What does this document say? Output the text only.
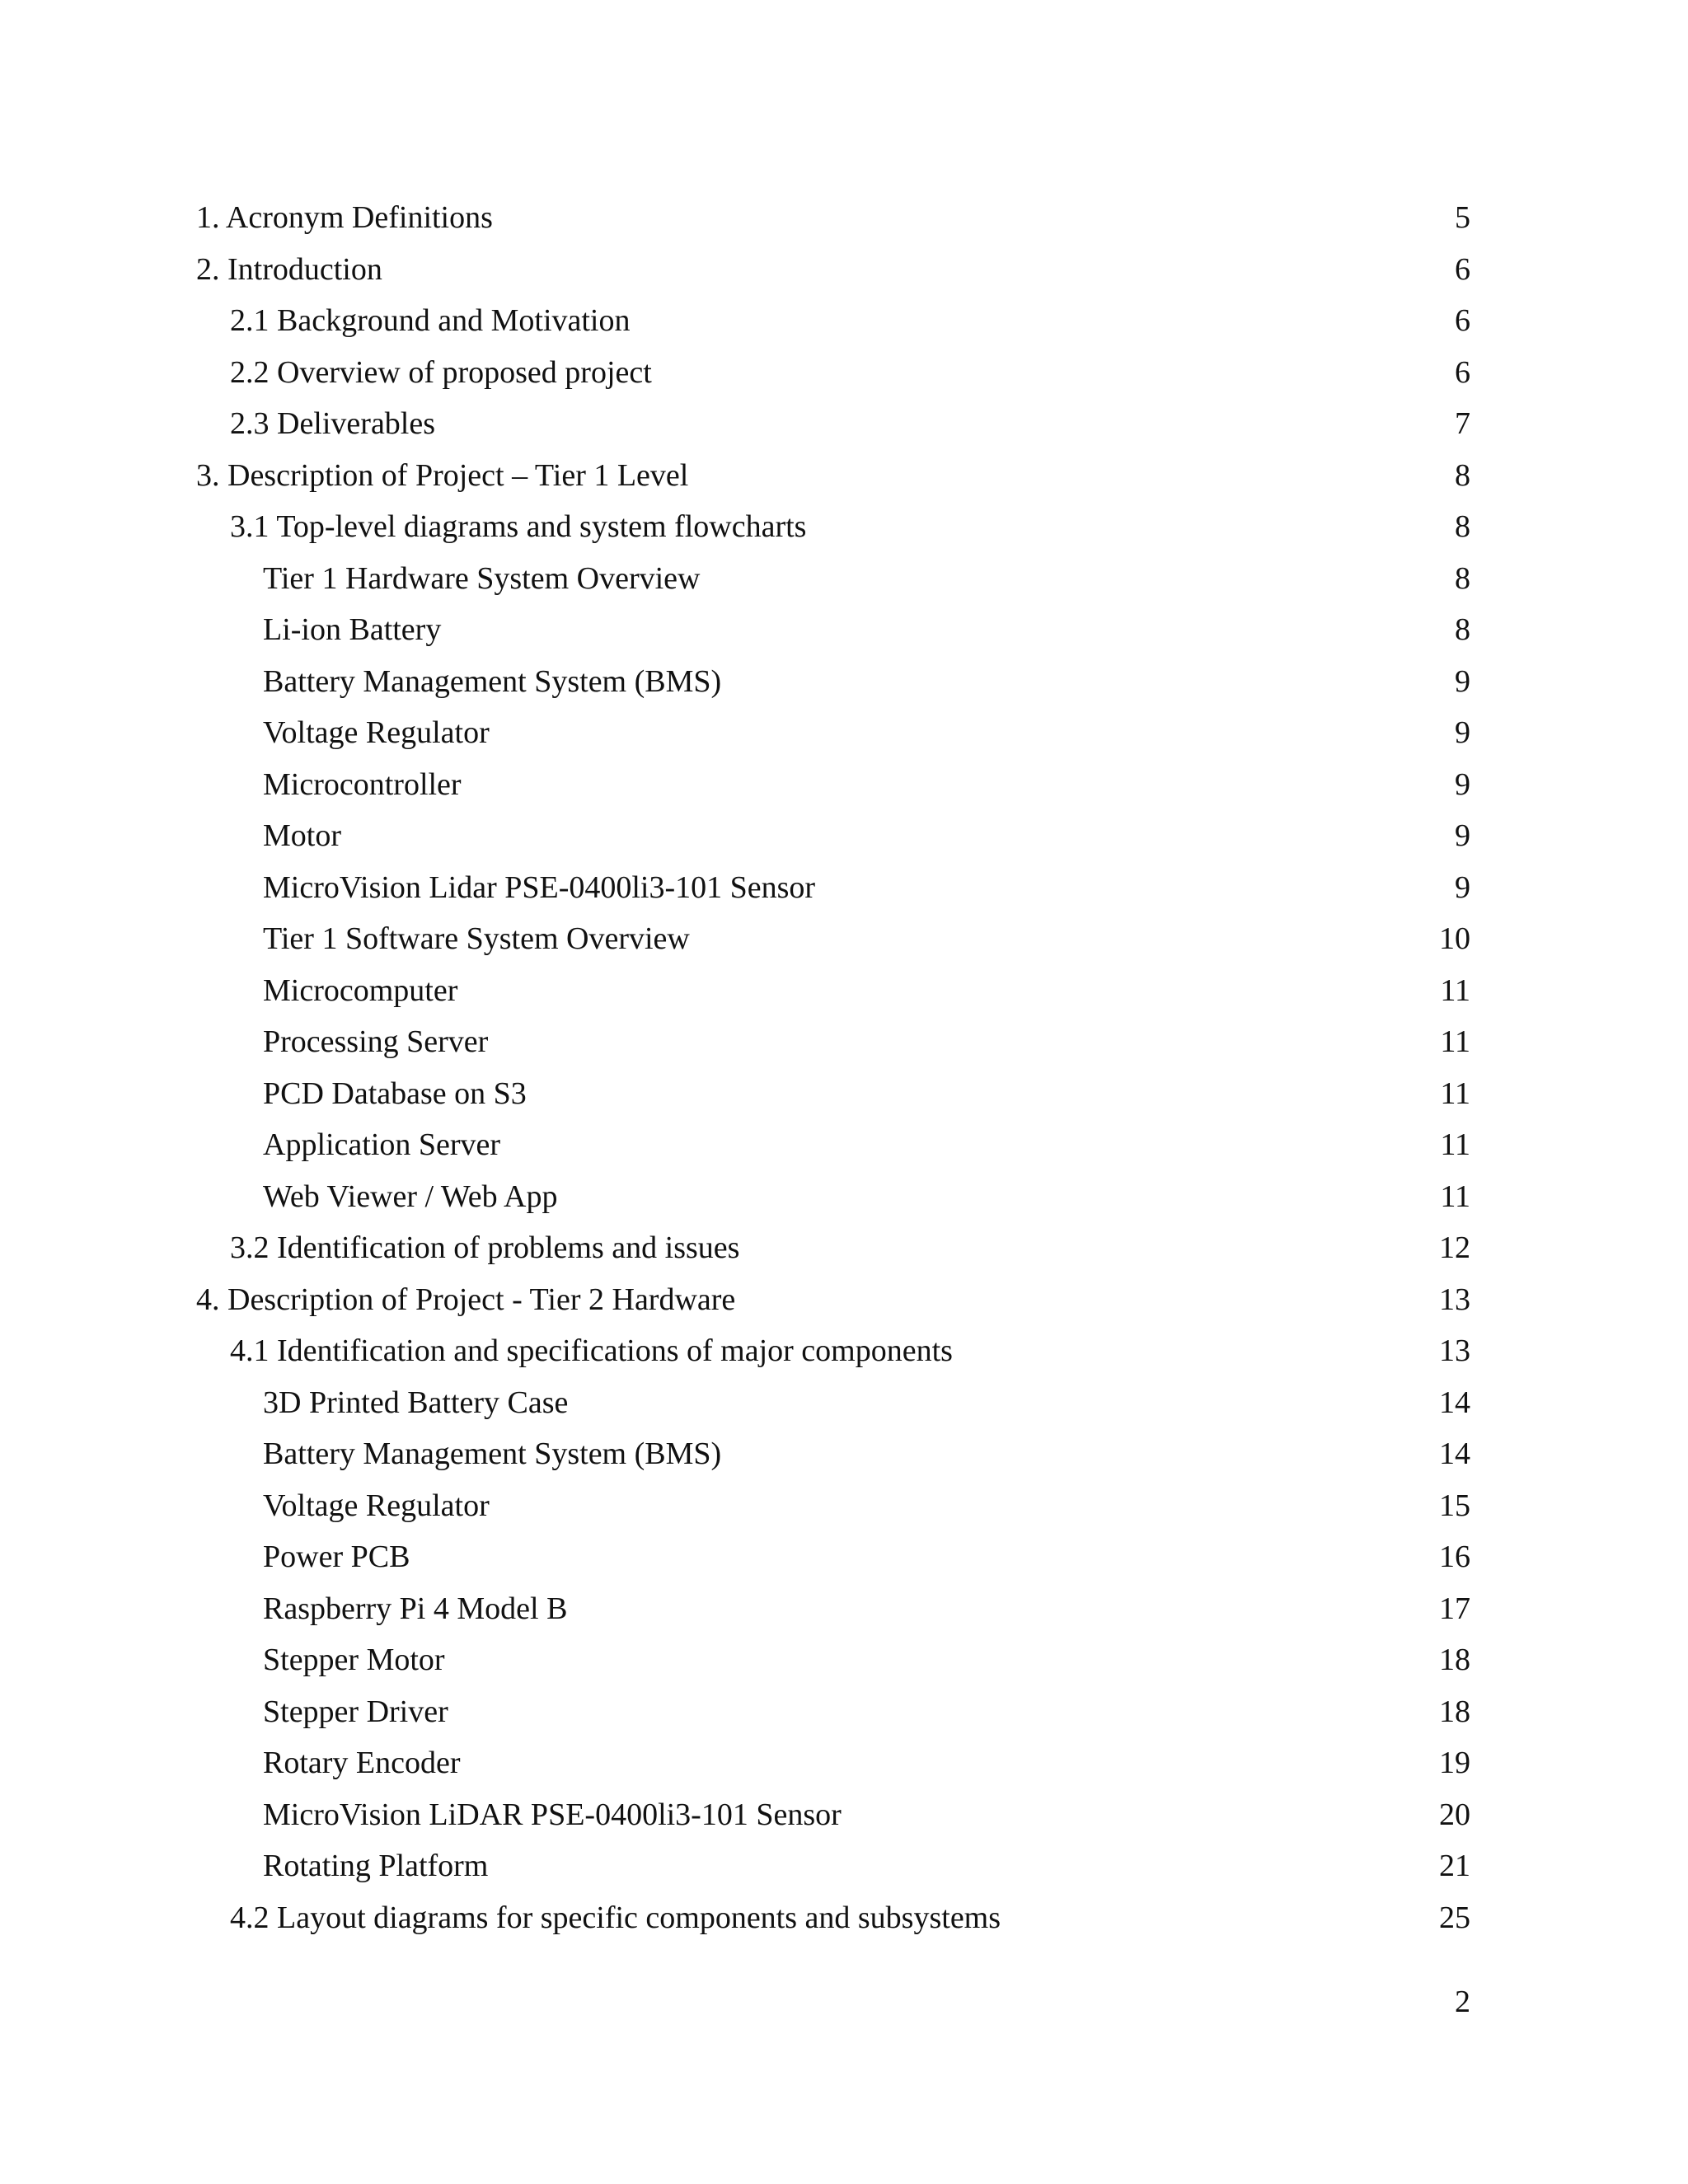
1. Acronym Definitions	5
2. Introduction	6
2.1 Background and Motivation	6
2.2 Overview of proposed project	6
2.3 Deliverables	7
3. Description of Project – Tier 1 Level	8
3.1 Top-level diagrams and system flowcharts	8
Tier 1 Hardware System Overview	8
Li-ion Battery	8
Battery Management System (BMS)	9
Voltage Regulator	9
Microcontroller	9
Motor	9
MicroVision Lidar PSE-0400li3-101 Sensor	9
Tier 1 Software System Overview	10
Microcomputer	11
Processing Server	11
PCD Database on S3	11
Application Server	11
Web Viewer / Web App	11
3.2 Identification of problems and issues	12
4. Description of Project - Tier 2 Hardware	13
4.1 Identification and specifications of major components	13
3D Printed Battery Case	14
Battery Management System (BMS)	14
Voltage Regulator	15
Power PCB	16
Raspberry Pi 4 Model B	17
Stepper Motor	18
Stepper Driver	18
Rotary Encoder	19
MicroVision LiDAR PSE-0400li3-101 Sensor	20
Rotating Platform	21
4.2 Layout diagrams for specific components and subsystems	25
2
